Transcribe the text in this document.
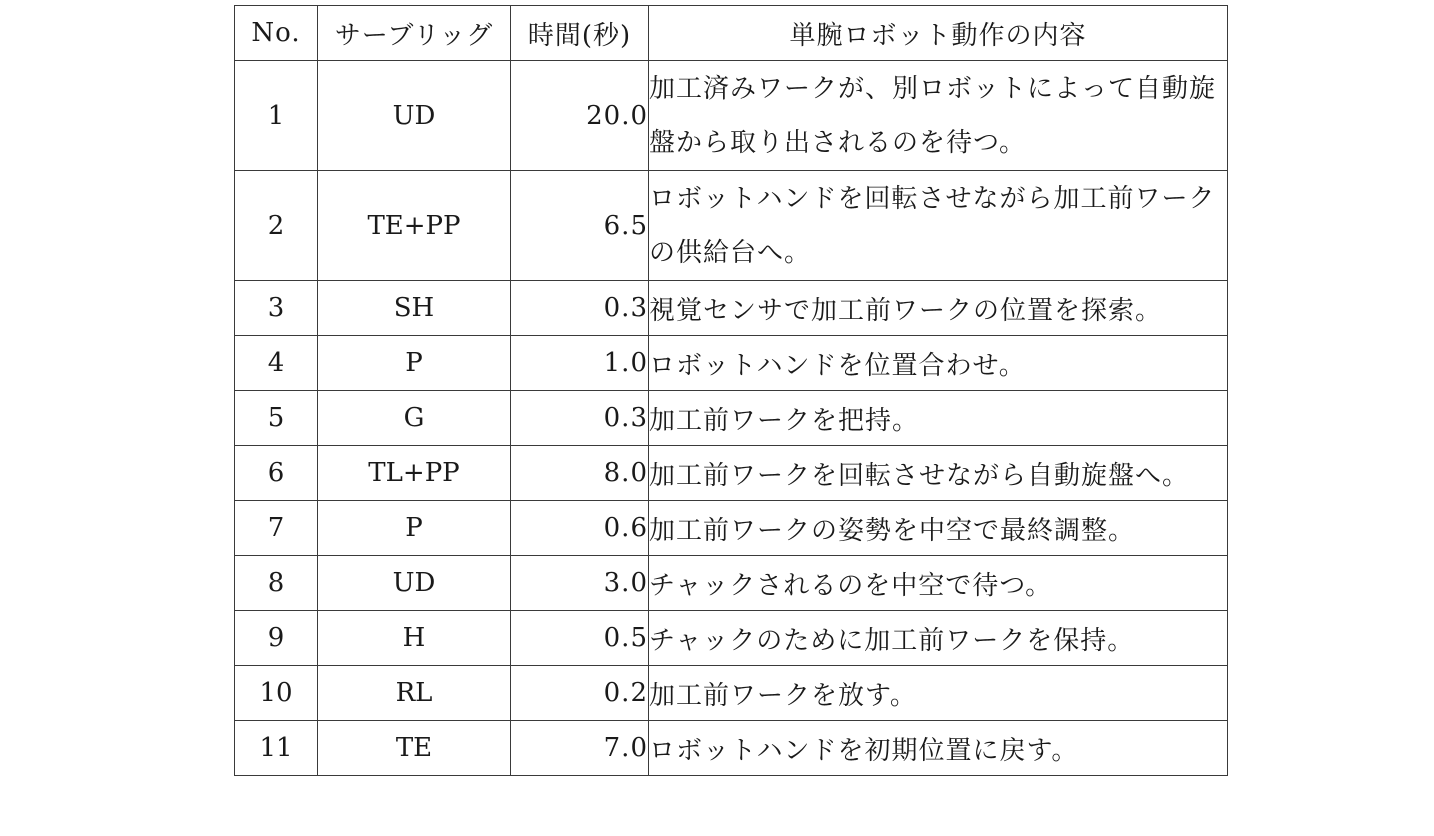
No.	サーブリッグ	時間(秒)	単腕ロボット動作の内容
1	UD	20.0	加工済みワークが、別ロボットによって自動旋盤から取り出されるのを待つ。
2	TE+PP	6.5	ロボットハンドを回転させながら加工前ワークの供給台へ。
3	SH	0.3	視覚センサで加工前ワークの位置を探索。
4	P	1.0	ロボットハンドを位置合わせ。
5	G	0.3	加工前ワークを把持。
6	TL+PP	8.0	加工前ワークを回転させながら自動旋盤へ。
7	P	0.6	加工前ワークの姿勢を中空で最終調整。
8	UD	3.0	チャックされるのを中空で待つ。
9	H	0.5	チャックのために加工前ワークを保持。
10	RL	0.2	加工前ワークを放す。
11	TE	7.0	ロボットハンドを初期位置に戻す。
